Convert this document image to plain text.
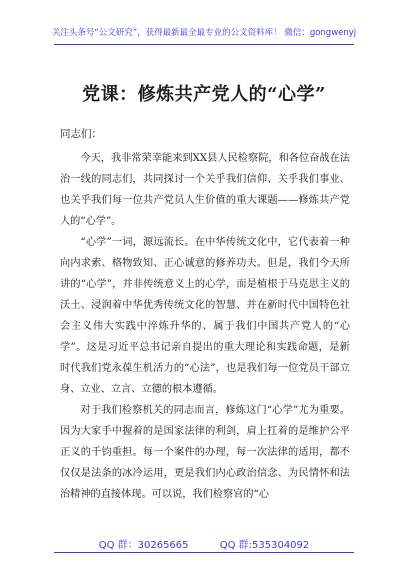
关注头条号“公文研究”，获得最新最全最专业的公文资料库！ 微信：gongwenyj
党课：修炼共产党人的“心学”
同志们：

今天，我非常荣幸能来到XX县人民检察院，和各位奋战在法治一线的同志们，共同探讨一个关乎我们信仰、关乎我们事业、也关乎我们每一位共产党员人生价值的重大课题——修炼共产党人的“心学”。

“心学”一词，源远流长。在中华传统文化中，它代表着一种向内求索、格物致知、正心诚意的修养功夫。但是，我们今天所讲的“心学”，并非传统意义上的心学，而是植根于马克思主义的沃土、浸润着中华优秀传统文化的智慧、并在新时代中国特色社会主义伟大实践中淬炼升华的、属于我们中国共产党人的“心学”。这是习近平总书记亲自提出的重大理论和实践命题，是新时代我们党永葆生机活力的“心法”，也是我们每一位党员干部立身、立业、立言、立德的根本遵循。

对于我们检察机关的同志而言，修炼这门“心学”尤为重要。因为大家手中握着的是国家法律的利剑，肩上扛着的是维护公平正义的千钧重担。每一个案件的办理，每一次法律的适用，都不仅仅是法条的冰冷运用，更是我们内心政治信念、为民情怀和法治精神的直接体现。可以说，我们检察官的“心

QQ 群：30265665	QQ 群:535304092
